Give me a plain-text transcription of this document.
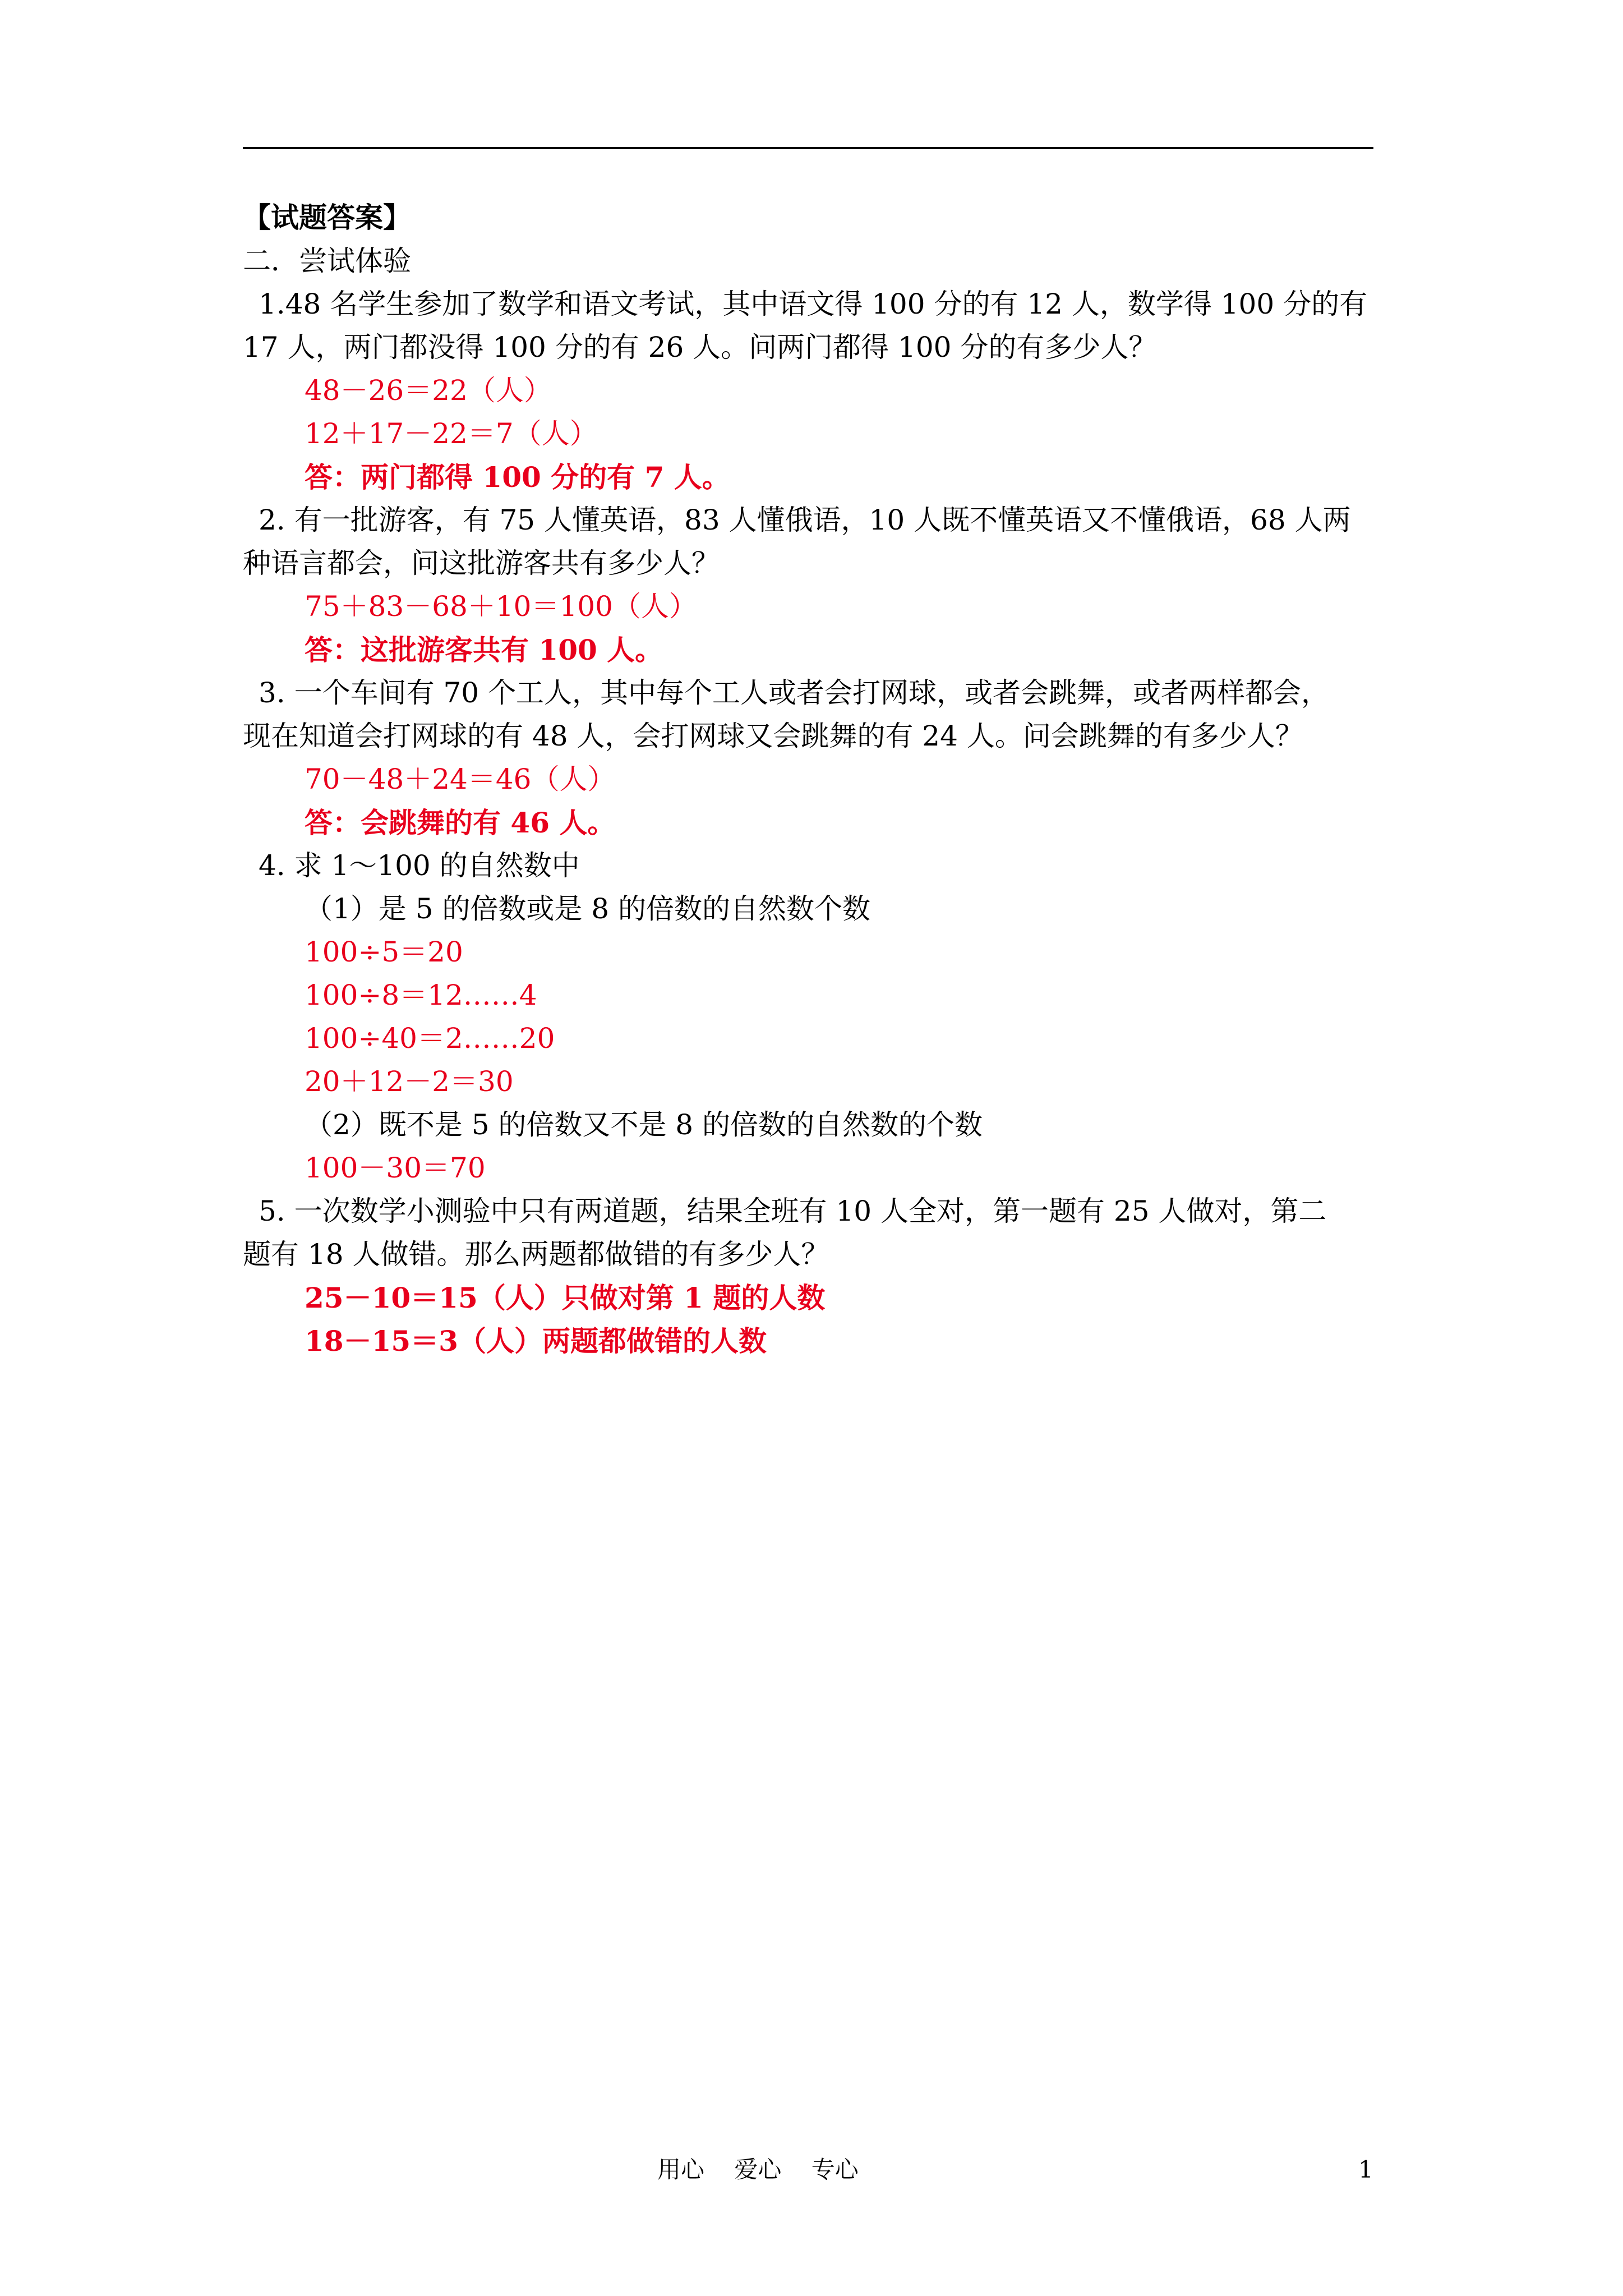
【试题答案】
二．尝试体验
1.48 名学生参加了数学和语文考试，其中语文得 100 分的有 12 人，数学得 100 分的有
17 人，两门都没得 100 分的有 26 人。问两门都得 100 分的有多少人？
48－26＝22（人）
12＋17－22＝7（人）
答：两门都得 100 分的有 7 人。
2. 有一批游客，有 75 人懂英语，83 人懂俄语，10 人既不懂英语又不懂俄语，68 人两
种语言都会，问这批游客共有多少人？
75＋83－68＋10＝100（人）
答：这批游客共有 100 人。
3. 一个车间有 70 个工人，其中每个工人或者会打网球，或者会跳舞，或者两样都会，
现在知道会打网球的有 48 人，会打网球又会跳舞的有 24 人。问会跳舞的有多少人？
70－48＋24＝46（人）
答：会跳舞的有 46 人。
4. 求 1～100 的自然数中
（1）是 5 的倍数或是 8 的倍数的自然数个数
100÷5＝20
100÷8＝12……4
100÷40＝2……20
20＋12－2＝30
（2）既不是 5 的倍数又不是 8 的倍数的自然数的个数
100－30＝70
5. 一次数学小测验中只有两道题，结果全班有 10 人全对，第一题有 25 人做对，第二
题有 18 人做错。那么两题都做错的有多少人？
25－10＝15（人）只做对第 1 题的人数
18－15＝3（人）两题都做错的人数
用心    爱心    专心	1
